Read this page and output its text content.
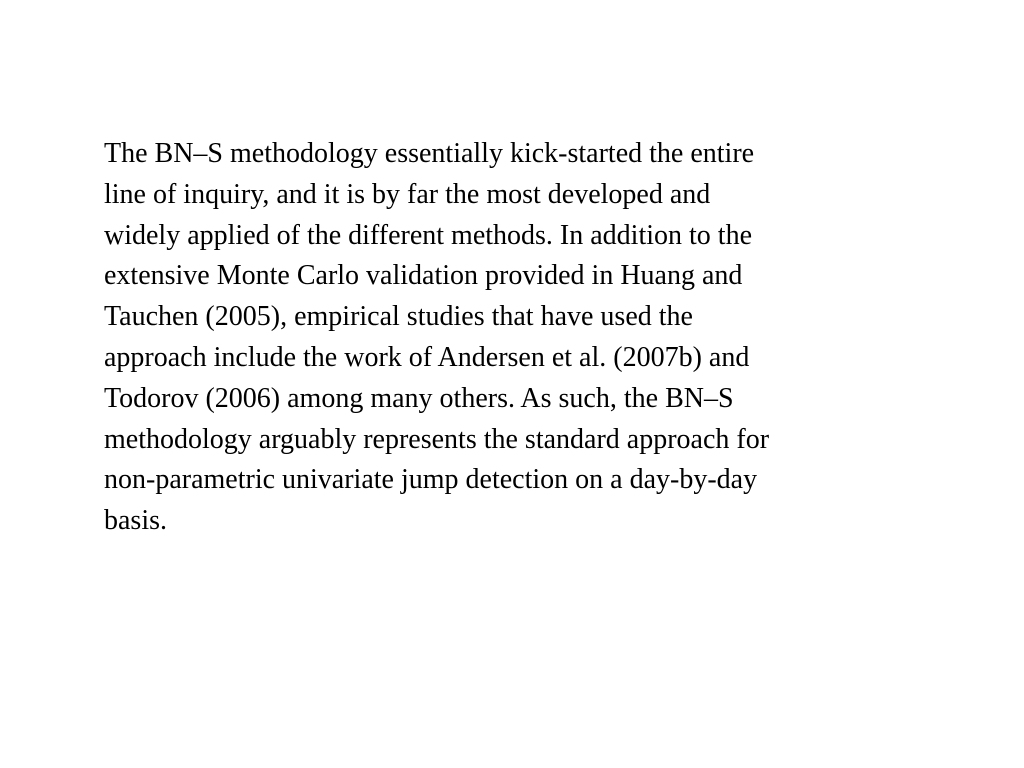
The BN–S methodology essentially kick-started the entire
line of inquiry, and it is by far the most developed and
widely applied of the different methods. In addition to the
extensive Monte Carlo validation provided in Huang and
Tauchen (2005), empirical studies that have used the
approach include the work of Andersen et al. (2007b) and
Todorov (2006) among many others. As such, the BN–S
methodology arguably represents the standard approach for
non-parametric univariate jump detection on a day-by-day
basis.
